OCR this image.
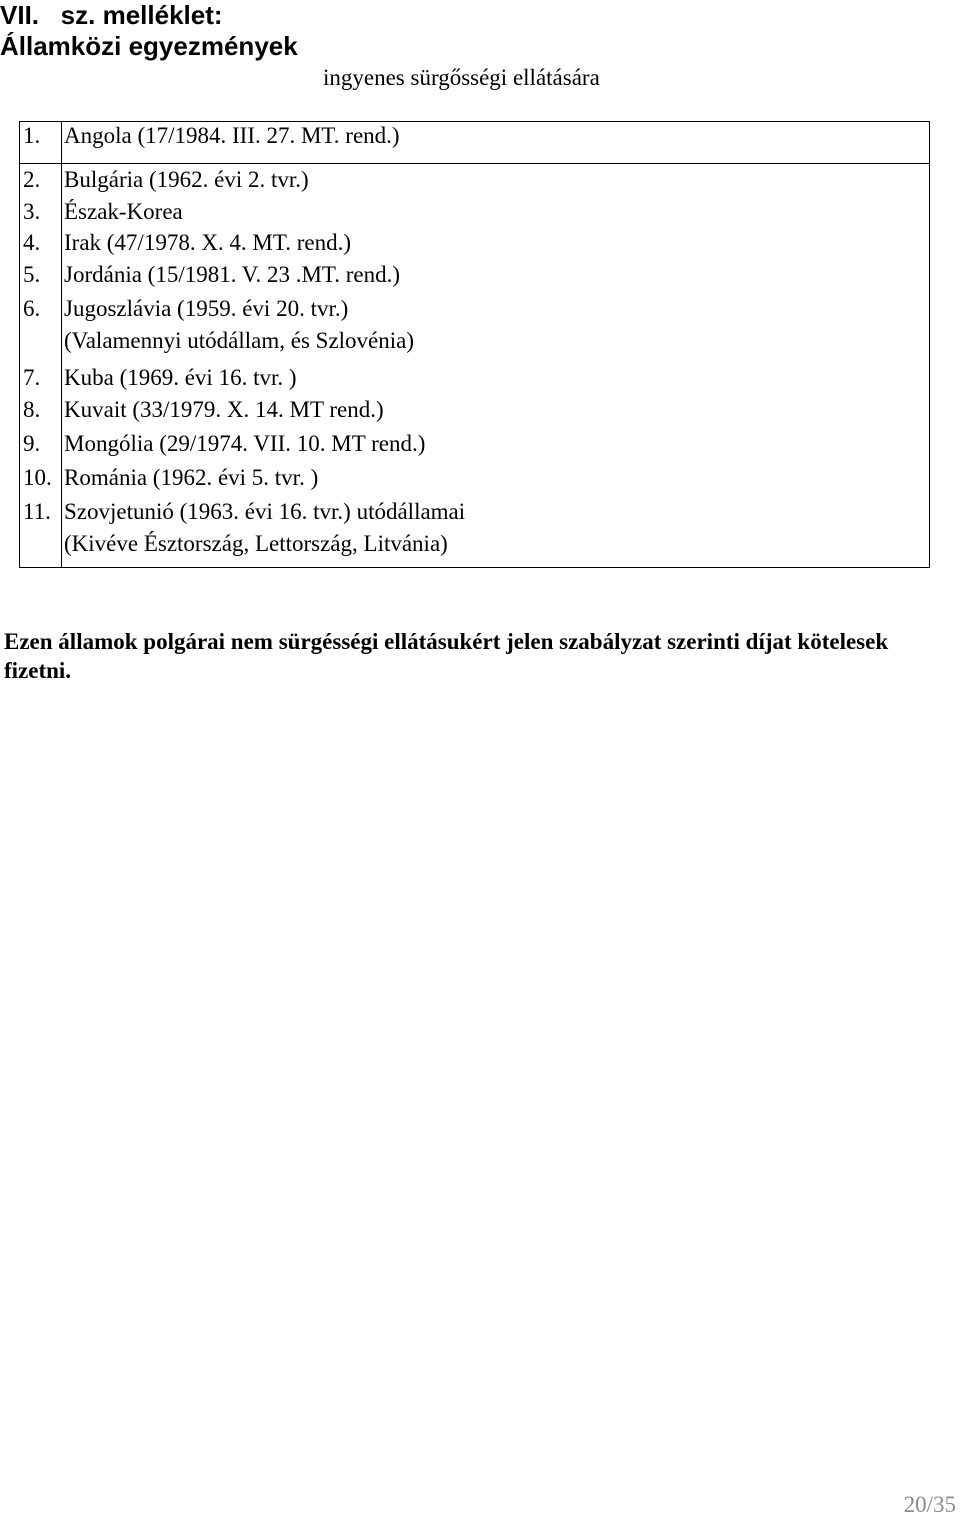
VII.   sz. melléklet:
Államközi egyezmények
ingyenes sürgősségi ellátására
1. Angola (17/1984. III. 27. MT. rend.)
2. Bulgária (1962. évi 2. tvr.)
3. Észak-Korea
4. Irak (47/1978. X. 4. MT. rend.)
5. Jordánia (15/1981. V. 23 .MT. rend.)
6. Jugoszlávia (1959. évi 20. tvr.)
(Valamennyi utódállam, és Szlovénia)
7. Kuba (1969. évi 16. tvr. )
8. Kuvait (33/1979. X. 14. MT rend.)
9. Mongólia (29/1974. VII. 10. MT rend.)
10. Románia (1962. évi 5. tvr. )
11. Szovjetunió (1963. évi 16. tvr.) utódállamai
(Kivéve Észtország, Lettország, Litvánia)
Ezen államok polgárai nem sürgésségi ellátásukért jelen szabályzat szerinti díjat kötelesek fizetni.
20/35
